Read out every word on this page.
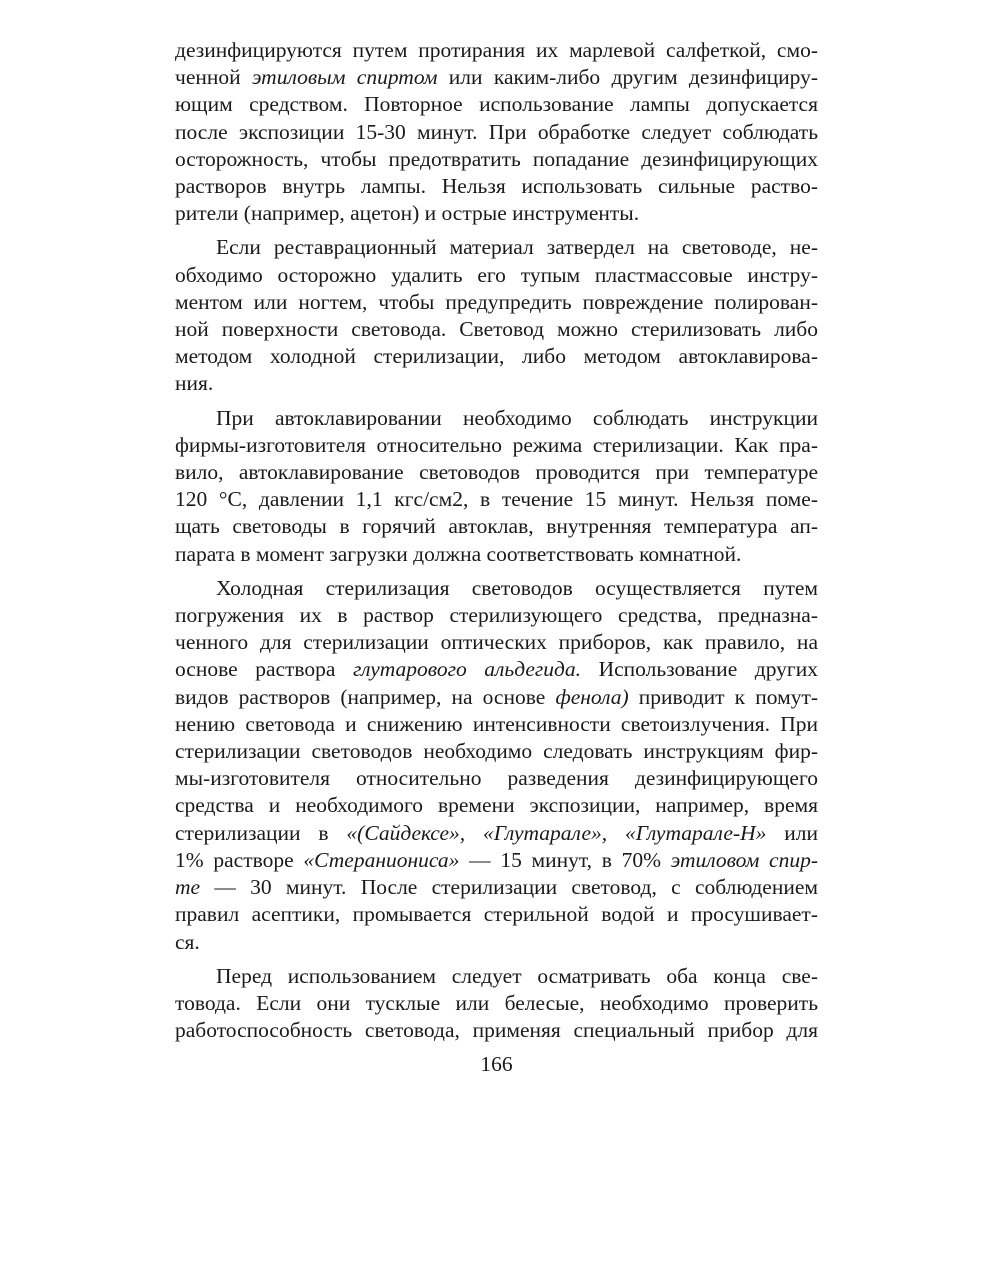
дезинфицируются путем протирания их марлевой салфеткой, смо-
ченной этиловым спиртом или каким-либо другим дезинфициру-
ющим средством. Повторное использование лампы допускается
после экспозиции 15-30 минут. При обработке следует соблюдать
осторожность, чтобы предотвратить попадание дезинфицирующих
растворов внутрь лампы. Нельзя использовать сильные раство-
рители (например, ацетон) и острые инструменты.

Если реставрационный материал затвердел на световоде, не-
обходимо осторожно удалить его тупым пластмассовые инстру-
ментом или ногтем, чтобы предупредить повреждение полирован-
ной поверхности световода. Световод можно стерилизовать либо
методом холодной стерилизации, либо методом автоклавирова-
ния.

При автоклавировании необходимо соблюдать инструкции
фирмы-изготовителя относительно режима стерилизации. Как пра-
вило, автоклавирование световодов проводится при температуре
120 °С, давлении 1,1 кгс/см2, в течение 15 минут. Нельзя поме-
щать световоды в горячий автоклав, внутренняя температура ап-
парата в момент загрузки должна соответствовать комнатной.

Холодная стерилизация световодов осуществляется путем
погружения их в раствор стерилизующего средства, предназна-
ченного для стерилизации оптических приборов, как правило, на
основе раствора глутарового альдегида. Использование других
видов растворов (например, на основе фенола) приводит к помут-
нению световода и снижению интенсивности светоизлучения. При
стерилизации световодов необходимо следовать инструкциям фир-
мы-изготовителя относительно разведения дезинфицирующего
средства и необходимого времени экспозиции, например, время
стерилизации в «(Сайдексе», «Глутарале», «Глутарале-Н» или
1% растворе «Стераниониса» — 15 минут, в 70% этиловом спир-
те — 30 минут. После стерилизации световод, с соблюдением
правил асептики, промывается стерильной водой и просушивает-
ся.

Перед использованием следует осматривать оба конца све-
товода. Если они тусклые или белесые, необходимо проверить
работоспособность световода, применяя специальный прибор для

166
